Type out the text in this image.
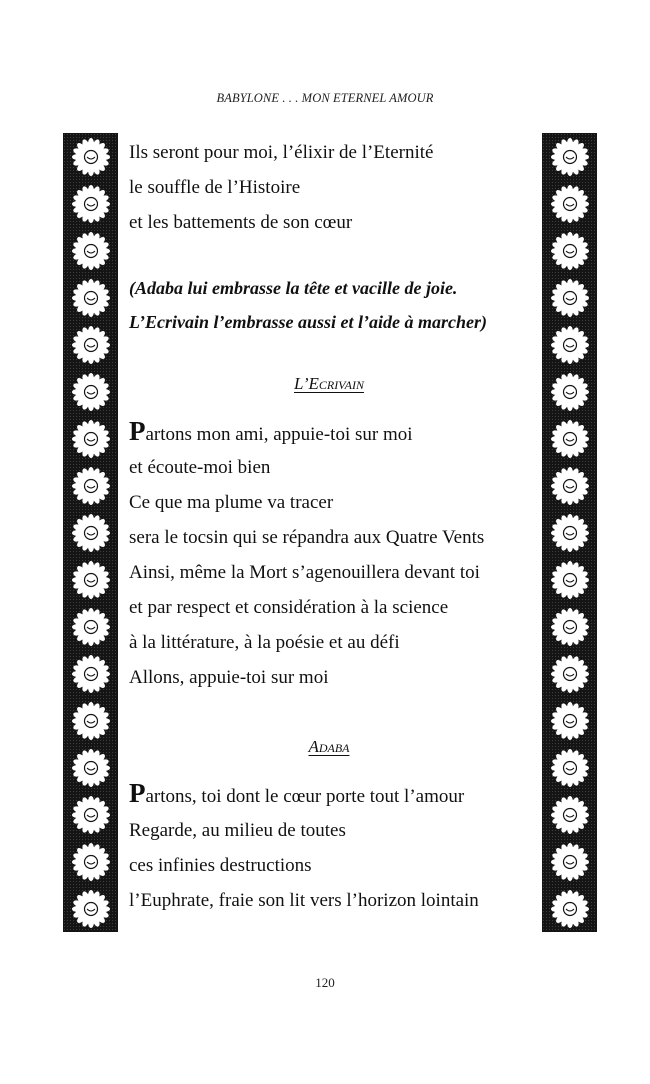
BABYLONE . . . MON ETERNEL AMOUR
Ils seront pour moi, l’élixir de l’Eternité
le souffle de l’Histoire
et les battements de son cœur
(Adaba lui embrasse la tête et vacille de joie.
L’Ecrivain l’embrasse aussi et l’aide à marcher)
L’Ecrivain
Partons mon ami, appuie-toi sur moi
et écoute-moi bien
Ce que ma plume va tracer
sera le tocsin qui se répandra aux Quatre Vents
Ainsi, même la Mort s’agenouillera devant toi
et par respect et considération à la science
à la littérature, à la poésie et au défi
Allons, appuie-toi sur moi
Adaba
Partons, toi dont le cœur porte tout l’amour
Regarde, au milieu de toutes
ces infinies destructions
l’Euphrate, fraie son lit vers l’horizon lointain
120
